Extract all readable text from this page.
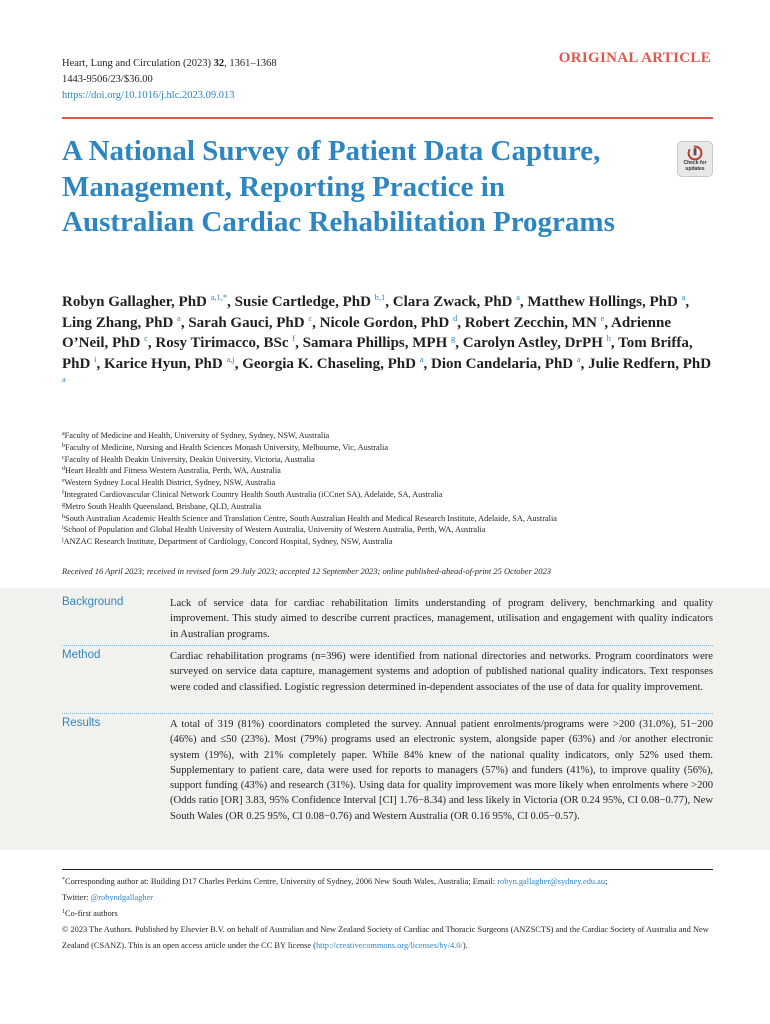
Heart, Lung and Circulation (2023) 32, 1361–1368
1443-9506/23/$36.00
https://doi.org/10.1016/j.hlc.2023.09.013
ORIGINAL ARTICLE
A National Survey of Patient Data Capture, Management, Reporting Practice in Australian Cardiac Rehabilitation Programs
Check for updates
Robyn Gallagher, PhD $^{a,1,*}$, Susie Cartledge, PhD $^{b,1}$, Clara Zwack, PhD $^a$, Matthew Hollings, PhD $^a$, Ling Zhang, PhD $^a$, Sarah Gauci, PhD $^c$, Nicole Gordon, PhD $^d$, Robert Zecchin, MN $^e$, Adrienne O’Neil, PhD $^c$, Rosy Tirimacco, BSc $^f$, Samara Phillips, MPH $^g$, Carolyn Astley, DrPH $^h$, Tom Briffa, PhD $^i$, Karice Hyun, PhD $^{a,j}$, Georgia K. Chaseling, PhD $^a$, Dion Candelaria, PhD $^a$, Julie Redfern, PhD $^a$
$^a$Faculty of Medicine and Health, University of Sydney, Sydney, NSW, Australia
$^b$Faculty of Medicine, Nursing and Health Sciences Monash University, Melbourne, Vic, Australia
$^c$Faculty of Health Deakin University, Deakin University, Victoria, Australia
$^d$Heart Health and Fitness Western Australia, Perth, WA, Australia
$^e$Western Sydney Local Health District, Sydney, NSW, Australia
$^f$Integrated Cardiovascular Clinical Network Country Health South Australia (iCCnet SA), Adelaide, SA, Australia
$^g$Metro South Health Queensland, Brisbane, QLD, Australia
$^h$South Australian Academic Health Science and Translation Centre, South Australian Health and Medical Research Institute, Adelaide, SA, Australia
$^i$School of Population and Global Health University of Western Australia, University of Western Australia, Perth, WA, Australia
$^j$ANZAC Research Institute, Department of Cardiology, Concord Hospital, Sydney, NSW, Australia
Received 16 April 2023; received in revised form 29 July 2023; accepted 12 September 2023; online published-ahead-of-print 25 October 2023
Background	Lack of service data for cardiac rehabilitation limits understanding of program delivery, benchmarking and quality improvement. This study aimed to describe current practices, management, utilisation and engagement with quality indicators in Australian programs.
Method	Cardiac rehabilitation programs (n=396) were identified from national directories and networks. Program coordinators were surveyed on service data capture, management systems and adoption of published national quality indicators. Text responses were coded and classified. Logistic regression determined in-dependent associates of the use of data for quality improvement.
Results	A total of 319 (81%) coordinators completed the survey. Annual patient enrolments/programs were >200 (31.0%), 51−200 (46%) and ≤50 (23%). Most (79%) programs used an electronic system, alongside paper (63%) and /or another electronic system (19%), with 21% completely paper. While 84% knew of the national quality indicators, only 52% used them. Supplementary to patient care, data were used for reports to managers (57%) and funders (41%), to improve quality (56%), support funding (43%) and research (31%). Using data for quality improvement was more likely when enrolments where >200 (Odds ratio [OR] 3.83, 95% Confidence Interval [CI] 1.76−8.34) and less likely in Victoria (OR 0.24 95%, CI 0.08−0.77), New South Wales (OR 0.25 95%, CI 0.08−0.76) and Western Australia (OR 0.16 95%, CI 0.05−0.57).
*Corresponding author at: Building D17 Charles Perkins Centre, University of Sydney, 2006 New South Wales, Australia; Email: robyn.gallagher@sydney.edu.au;
Twitter: @robyndgallagher
$^1$Co-first authors
© 2023 The Authors. Published by Elsevier B.V. on behalf of Australian and New Zealand Society of Cardiac and Thoracic Surgeons (ANZSCTS) and the Cardiac Society of Australia and New Zealand (CSANZ). This is an open access article under the CC BY license (http://creativecommons.org/licenses/by/4.0/).
